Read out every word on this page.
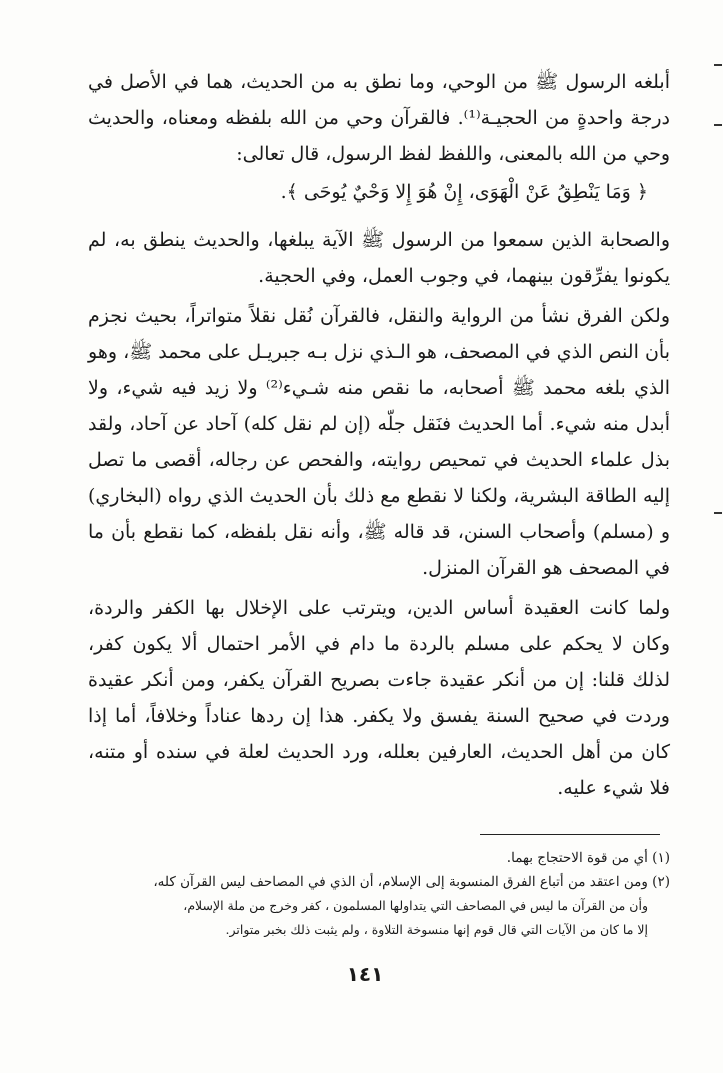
أبلغه الرسول ﷺ من الوحي، وما نطق به من الحديث، هما في الأصل في درجة واحدةٍ من الحجيـة⁽¹⁾. فالقرآن وحي من الله بلفظه ومعناه، والحديث وحي من الله بالمعنى، واللفظ لفظ الرسول، قال تعالى:

﴿ وَمَا يَنْطِقُ عَنْ الْهَوَى، إِنْ هُوَ إِلا وَحْيٌ يُوحَى ﴾.

والصحابة الذين سمعوا من الرسول ﷺ الآية يبلغها، والحديث ينطق به، لم يكونوا يفرِّقون بينهما، في وجوب العمل، وفي الحجية.

ولكن الفرق نشأ من الرواية والنقل، فالقرآن نُقل نقلاً متواتراً، بحيث نجزم بأن النص الذي في المصحف، هو الـذي نزل بـه جبريـل على محمد ﷺ، وهو الذي بلغه محمد ﷺ أصحابه، ما نقص منه شـيء⁽²⁾ ولا زيد فيه شيء، ولا أبدل منه شيء. أما الحديث فنَقل جلّه (إن لم نقل كله) آحاد عن آحاد، ولقد بذل علماء الحديث في تمحيص روايته، والفحص عن رجاله، أقصى ما تصل إليه الطاقة البشرية، ولكنا لا نقطع مع ذلك بأن الحديث الذي رواه (البخاري) و (مسلم) وأصحاب السنن، قد قاله ﷺ، وأنه نقل بلفظه، كما نقطع بأن ما في المصحف هو القرآن المنزل.

ولما كانت العقيدة أساس الدين، ويترتب على الإخلال بها الكفر والردة، وكان لا يحكم على مسلم بالردة ما دام في الأمر احتمال ألا يكون كفر، لذلك قلنا: إن من أنكر عقيدة جاءت بصريح القرآن يكفر، ومن أنكر عقيدة وردت في صحيح السنة يفسق ولا يكفر. هذا إن ردها عناداً وخلافاً، أما إذا كان من أهل الحديث، العارفين بعلله، ورد الحديث لعلة في سنده أو متنه، فلا شيء عليه.

(١) أي من قوة الاحتجاج بهما.

(٢) ومن اعتقد من أتباع الفرق المنسوبة إلى الإسلام، أن الذي في المصاحف ليس القرآن كله،

وأن من القرآن ما ليس في المصاحف التي يتداولها المسلمون ، كفر وخرج من ملة الإسلام،

إلا ما كان من الآيات التي قال قوم إنها منسوخة التلاوة ، ولم يثبت ذلك بخبر متواتر.

١٤١
